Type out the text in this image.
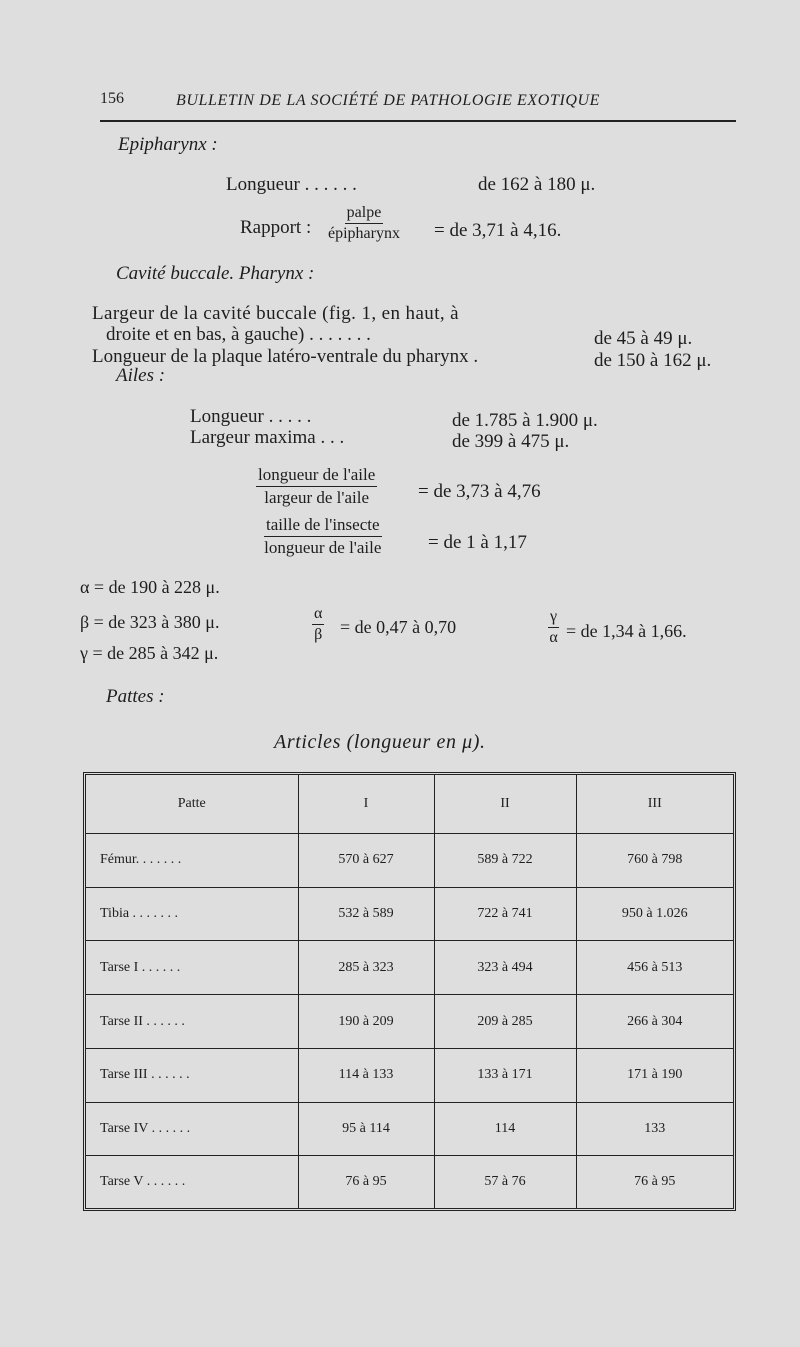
156	BULLETIN DE LA SOCIÉTÉ DE PATHOLOGIE EXOTIQUE
Epipharynx :
Longueur . . . . . .	de 162 à 180 μ.
Rapport :
palpe
épipharynx = de 3,71 à 4,16.
Cavité buccale. Pharynx :
Largeur de la cavité buccale (fig. 1, en haut, à
droite et en bas, à gauche) . . . . . . .	de 45 à 49 μ.
Longueur de la plaque latéro-ventrale du pharynx .	de 150 à 162 μ.
Ailes :
Longueur . . . . .	de 1.785 à 1.900 μ.
Largeur maxima . . .	de 399 à 475 μ.
longueur de l'aile
largeur de l'aile	= de 3,73 à 4,76
taille de l'insecte
longueur de l'aile = de 1 à 1,17
α = de 190 à 228 μ.
β = de 323 à 380 μ.
γ = de 285 à 342 μ.
$\frac{\alpha}{\beta}$ = de 0,47 à 0,70	$\frac{\gamma}{\alpha}$ = de 1,34 à 1,66.
Pattes :
Articles (longueur en μ).
Patte	I	II	III
Fémur. . . . . . .	570 à 627	589 à 722	760 à 798
Tibia . . . . . . .	532 à 589	722 à 741	950 à 1.026
Tarse I . . . . . .	285 à 323	323 à 494	456 à 513
Tarse II . . . . . .	190 à 209	209 à 285	266 à 304
Tarse III . . . . . .	114 à 133	133 à 171	171 à 190
Tarse IV . . . . . .	95 à 114	114	133
Tarse V . . . . . .	76 à 95	57 à 76	76 à 95
